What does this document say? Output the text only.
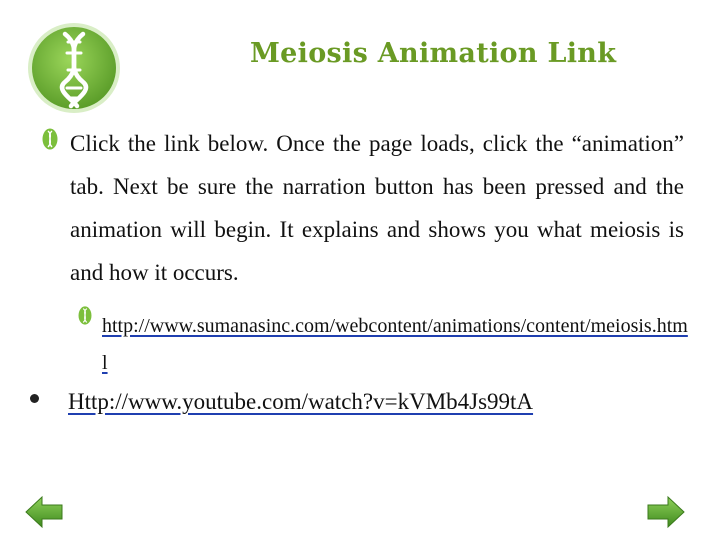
Meiosis Animation Link
Click the link below. Once the page loads, click the “animation” tab. Next be sure the narration button has been pressed and the animation will begin. It explains and shows you what meiosis is and how it occurs.
http://www.sumanasinc.com/webcontent/animations/content/meiosis.html
Http://www.youtube.com/watch?v=kVMb4Js99tA
